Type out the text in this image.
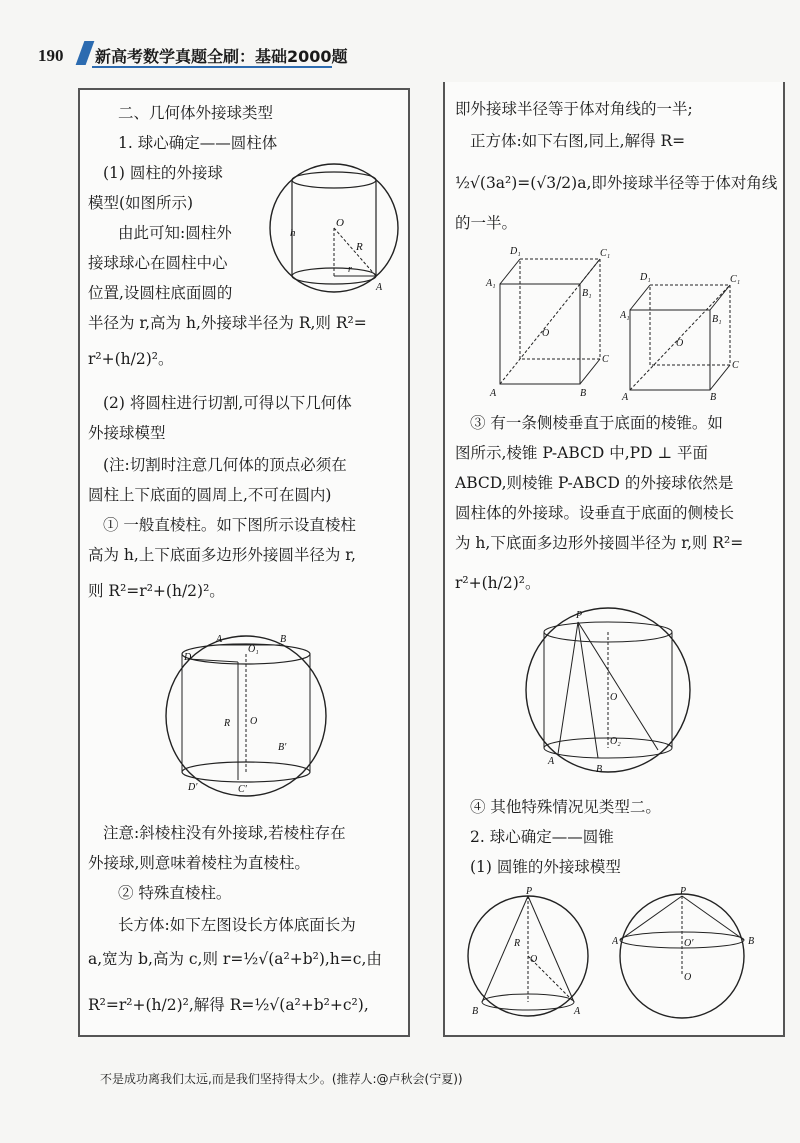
190 新高考数学真题全刷：基础2000题
二、几何体外接球类型
1. 球心确定——圆柱体
(1) 圆柱的外接球
模型(如图所示)
由此可知:圆柱外
接球球心在圆柱中心
位置,设圆柱底面圆的
半径为 r,高为 h,外接球半径为 R,则 R²=
r²+(h/2)²。
(2) 将圆柱进行切割,可得以下几何体
外接球模型
(注:切割时注意几何体的顶点必须在
圆柱上下底面的圆周上,不可在圆内)
① 一般直棱柱。如下图所示设直棱柱
高为 h,上下底面多边形外接圆半径为 r,
则 R²=r²+(h/2)²。
注意:斜棱柱没有外接球,若棱柱存在
外接球,则意味着棱柱为直棱柱。
② 特殊直棱柱。
长方体:如下左图设长方体底面长为
a,宽为 b,高为 c,则 r=½√(a²+b²),h=c,由
R²=r²+(h/2)²,解得 R=½√(a²+b²+c²),
即外接球半径等于体对角线的一半;
正方体:如下右图,同上,解得 R=
½√(3a²)=(√3/2)a,即外接球半径等于体对角线
的一半。
③ 有一条侧棱垂直于底面的棱锥。如
图所示,棱锥 P-ABCD 中,PD ⊥ 平面
ABCD,则棱锥 P-ABCD 的外接球依然是
圆柱体的外接球。设垂直于底面的侧棱长
为 h,下底面多边形外接圆半径为 r,则 R²=
r²+(h/2)²。
④ 其他特殊情况见类型二。
2. 球心确定——圆锥
(1) 圆锥的外接球模型
O
R
r
h
A
A	B
D
O₁
O
R
D′	C′
B′
D₁	C₁
A₁
B₁
O
A	B
C
D₁	C₁
A₁	B₁
O
A	B
C
P
O
O₂
A
B
P
O
R
B	A
P
A	B
O′
O
不是成功离我们太远,而是我们坚持得太少。(推荐人:@卢秋会(宁夏))
